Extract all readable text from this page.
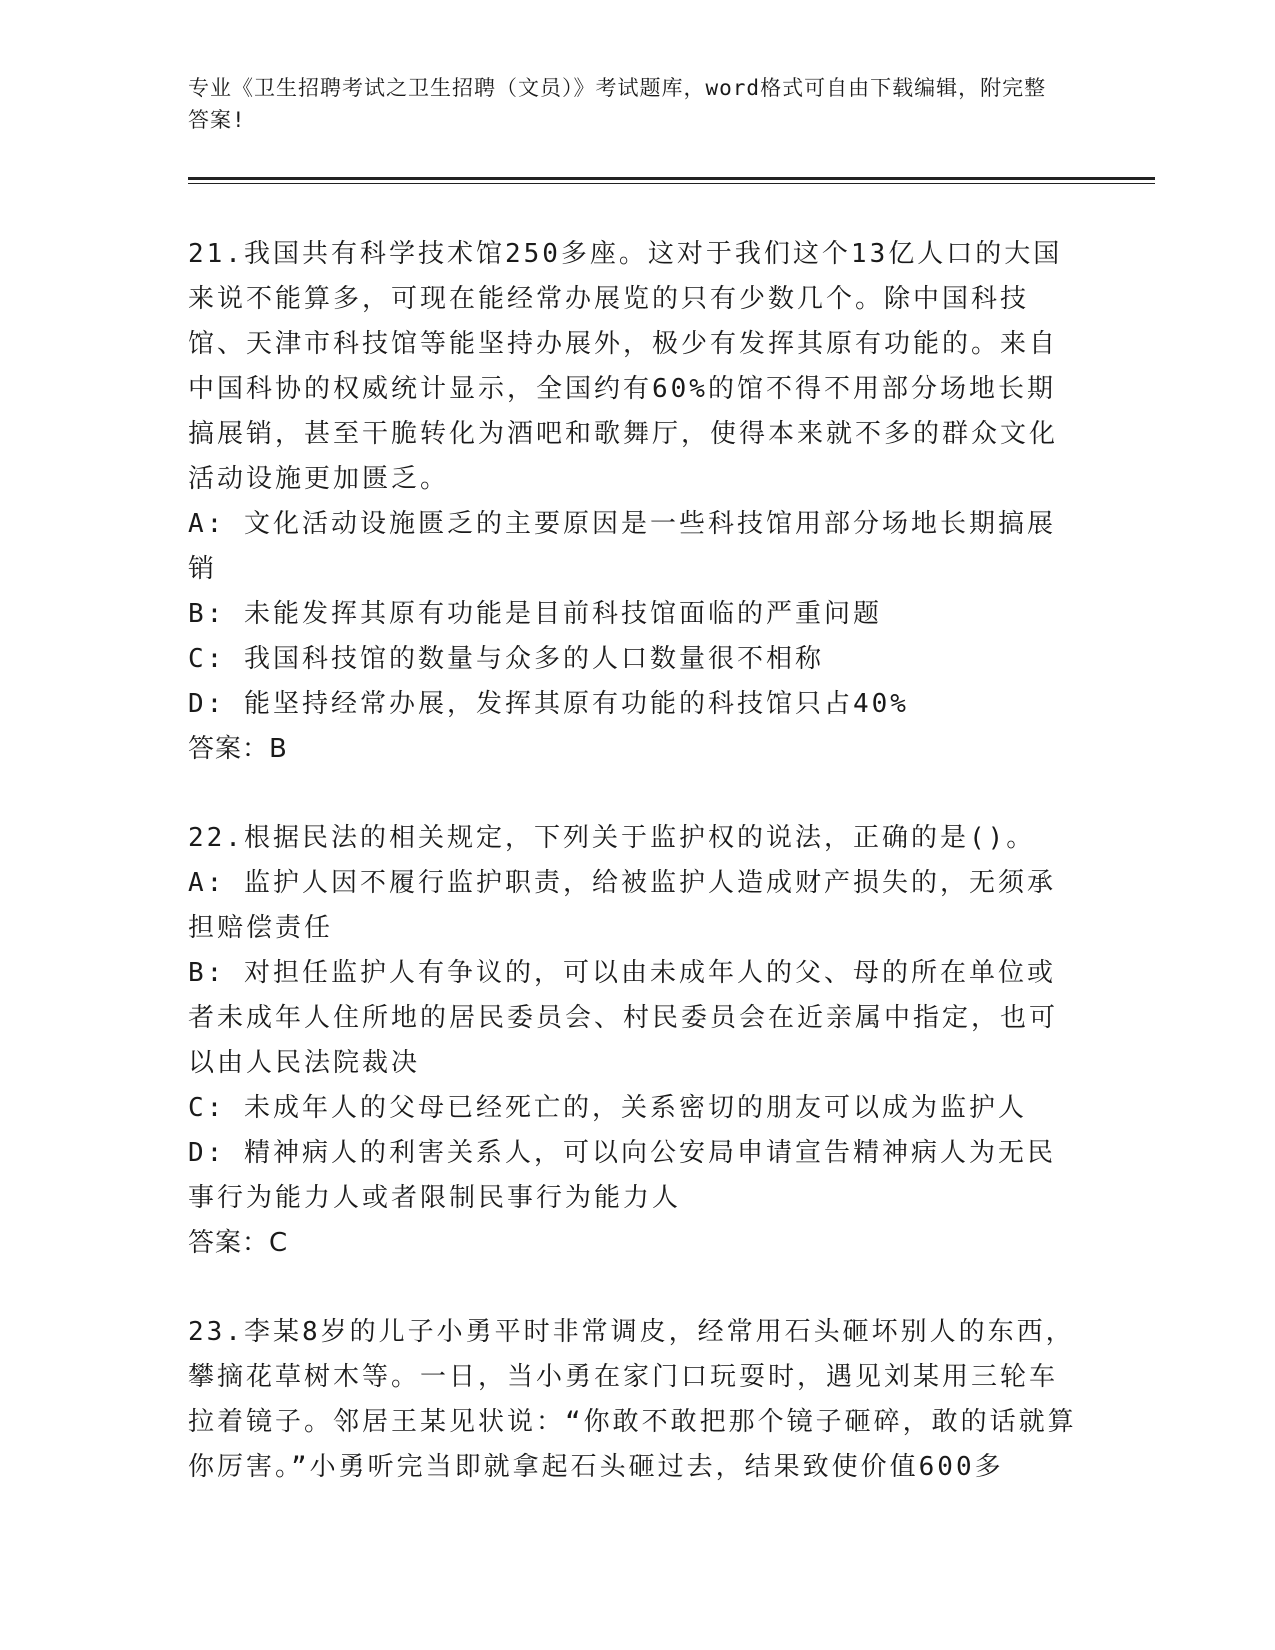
专业《卫生招聘考试之卫生招聘（文员）》考试题库，word格式可自由下载编辑，附完整答案!
21.我国共有科学技术馆250多座。这对于我们这个13亿人口的大国来说不能算多，可现在能经常办展览的只有少数几个。除中国科技馆、天津市科技馆等能坚持办展外，极少有发挥其原有功能的。来自中国科协的权威统计显示，全国约有60%的馆不得不用部分场地长期搞展销，甚至干脆转化为酒吧和歌舞厅，使得本来就不多的群众文化活动设施更加匮乏。
A: 文化活动设施匮乏的主要原因是一些科技馆用部分场地长期搞展销
B: 未能发挥其原有功能是目前科技馆面临的严重问题
C: 我国科技馆的数量与众多的人口数量很不相称
D: 能坚持经常办展，发挥其原有功能的科技馆只占40%
答案：B
22.根据民法的相关规定，下列关于监护权的说法，正确的是()。
A: 监护人因不履行监护职责，给被监护人造成财产损失的，无须承担赔偿责任
B: 对担任监护人有争议的，可以由未成年人的父、母的所在单位或者未成年人住所地的居民委员会、村民委员会在近亲属中指定，也可以由人民法院裁决
C: 未成年人的父母已经死亡的，关系密切的朋友可以成为监护人
D: 精神病人的利害关系人，可以向公安局申请宣告精神病人为无民事行为能力人或者限制民事行为能力人
答案：C
23.李某8岁的儿子小勇平时非常调皮，经常用石头砸坏别人的东西，攀摘花草树木等。一日，当小勇在家门口玩耍时，遇见刘某用三轮车拉着镜子。邻居王某见状说：“你敢不敢把那个镜子砸碎，敢的话就算你厉害。”小勇听完当即就拿起石头砸过去，结果致使价值600多
